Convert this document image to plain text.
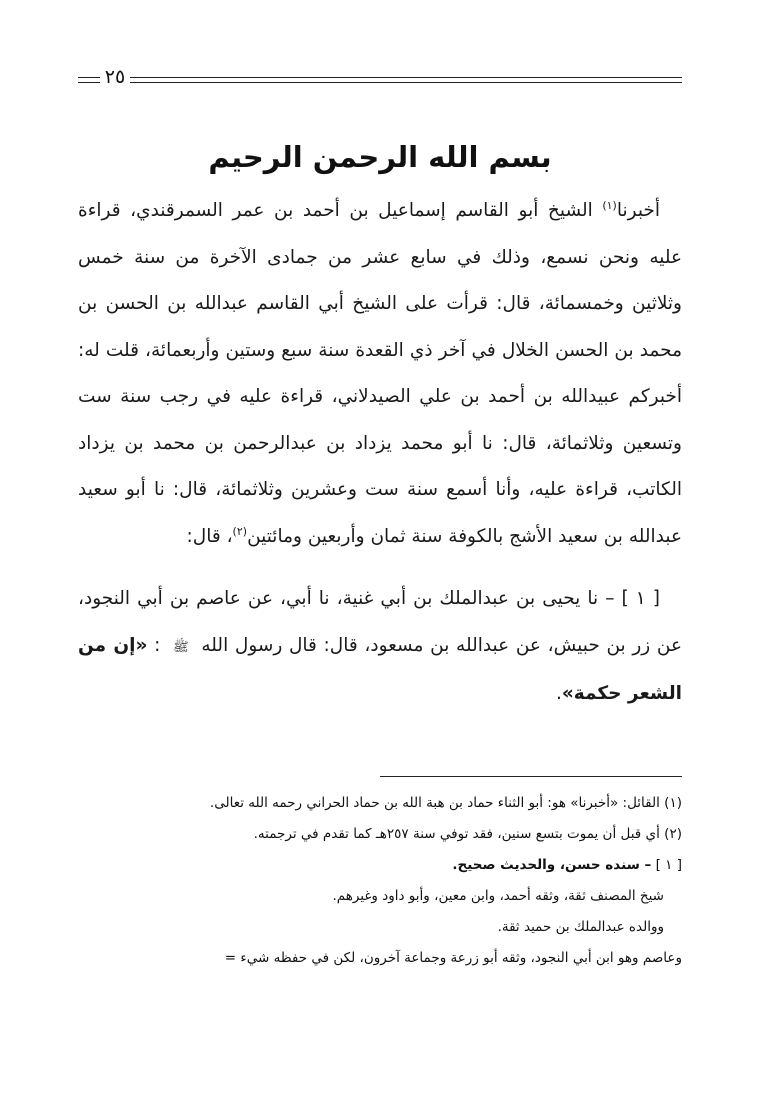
٢٥
بسم الله الرحمن الرحيم

أخبرنا$^{(١)}$ الشيخ أبو القاسم إسماعيل بن أحمد بن عمر السمرقندي، قراءة عليه ونحن نسمع، وذلك في سابع عشر من جمادى الآخرة من سنة خمس وثلاثين وخمسمائة، قال: قرأت على الشيخ أبي القاسم عبدالله بن الحسن بن محمد بن الحسن الخلال في آخر ذي القعدة سنة سبع وستين وأربعمائة، قلت له: أخبركم عبيدالله بن أحمد بن علي الصيدلاني، قراءة عليه في رجب سنة ست وتسعين وثلاثمائة، قال: نا أبو محمد يزداد بن عبدالرحمن بن محمد بن يزداد الكاتب، قراءة عليه، وأنا أسمع سنة ست وعشرين وثلاثمائة، قال: نا أبو سعيد عبدالله بن سعيد الأشج بالكوفة سنة ثمان وأربعين ومائتين$^{(٢)}$، قال:

[ ١ ] – نا يحيى بن عبدالملك بن أبي غنية، نا أبي، عن عاصم بن أبي النجود، عن زر بن حبيش، عن عبدالله بن مسعود، قال: قال رسول الله ﷺ : «إن من الشعر حكمة».

(١) القائل: «أخبرنا» هو: أبو الثناء حماد بن هبة الله بن حماد الحراني رحمه الله تعالى.

(٢) أي قبل أن يموت بتسع سنين، فقد توفي سنة ٢٥٧هـ كما تقدم في ترجمته.

[ ١ ] – سنده حسن، والحديث صحيح.

شيخ المصنف ثقة، وثقه أحمد، وابن معين، وأبو داود وغيرهم.

ووالده عبدالملك بن حميد ثقة.

وعاصم وهو ابن أبي النجود، وثقه أبو زرعة وجماعة آخرون، لكن في حفظه شيء =
